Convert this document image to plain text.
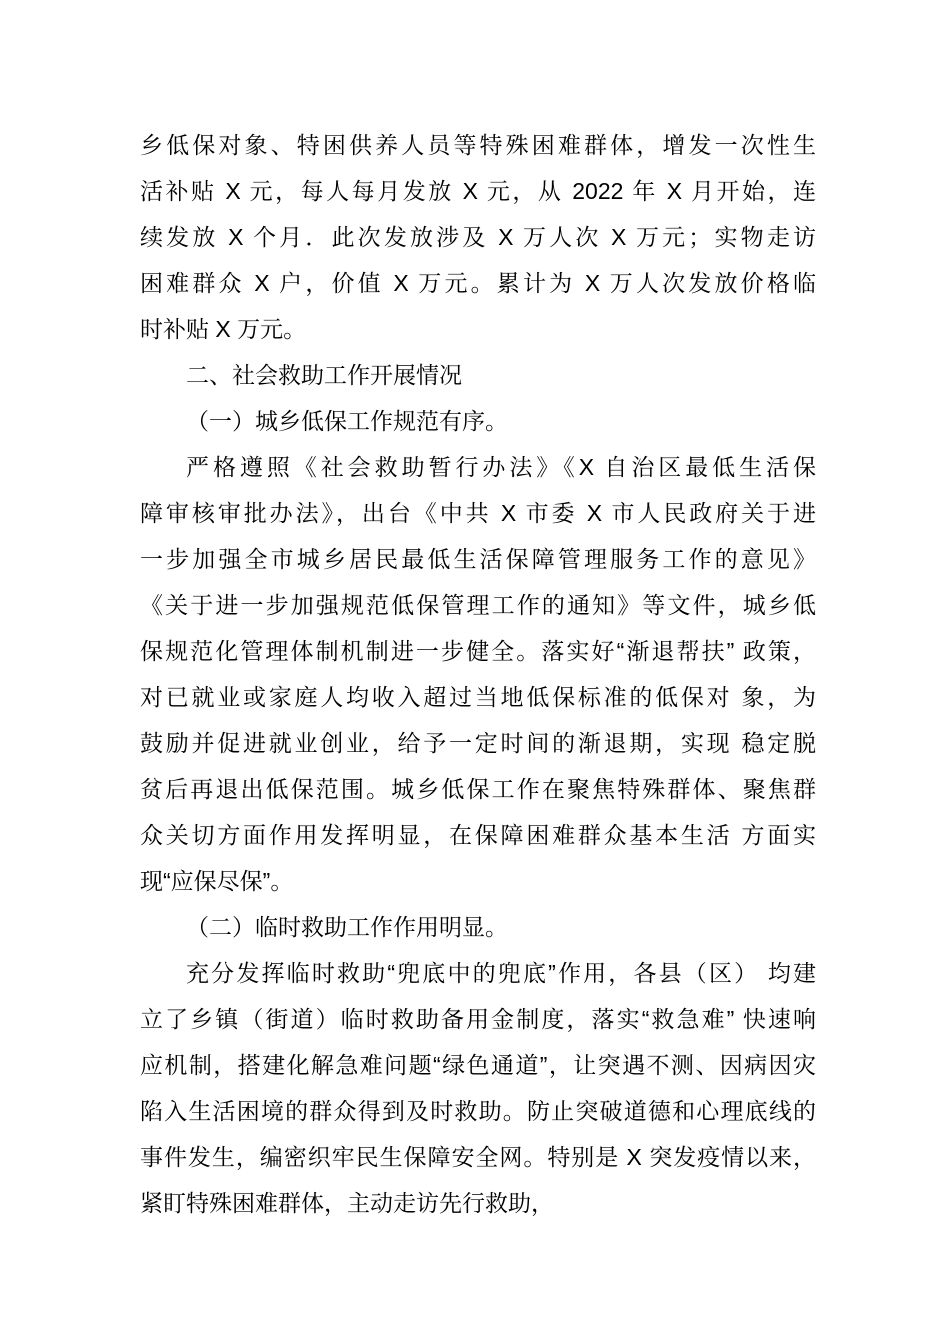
乡低保对象、特困供养人员等特殊困难群体，增发一次性生
活补贴 X 元，每人每月发放 X 元，从 2022 年 X 月开始，连
续发放 X 个月．此次发放涉及 X 万人次 X 万元；实物走访
困难群众 X 户，价值 X 万元。累计为 X 万人次发放价格临
时补贴 X 万元。
二、社会救助工作开展情况
（一）城乡低保工作规范有序。
严格遵照《社会救助暂行办法》《X 自治区最低生活保
障审核审批办法》，出台《中共 X 市委 X 市人民政府关于进
一步加强全市城乡居民最低生活保障管理服务工作的意见》
《关于进一步加强规范低保管理工作的通知》等文件，城乡低
保规范化管理体制机制进一步健全。落实好“渐退帮扶” 政策，
对已就业或家庭人均收入超过当地低保标准的低保对 象，为
鼓励并促进就业创业，给予一定时间的渐退期，实现 稳定脱
贫后再退出低保范围。城乡低保工作在聚焦特殊群体、聚焦群
众关切方面作用发挥明显，在保障困难群众基本生活 方面实
现“应保尽保”。
（二）临时救助工作作用明显。
充分发挥临时救助“兜底中的兜底”作用，各县（区） 均建
立了乡镇（街道）临时救助备用金制度，落实“救急难” 快速响
应机制，搭建化解急难问题“绿色通道”，让突遇不测、因病因灾
陷入生活困境的群众得到及时救助。防止突破道德和心理底线的
事件发生，编密织牢民生保障安全网。特别是 X 突发疫情以来，
紧盯特殊困难群体，主动走访先行救助，
